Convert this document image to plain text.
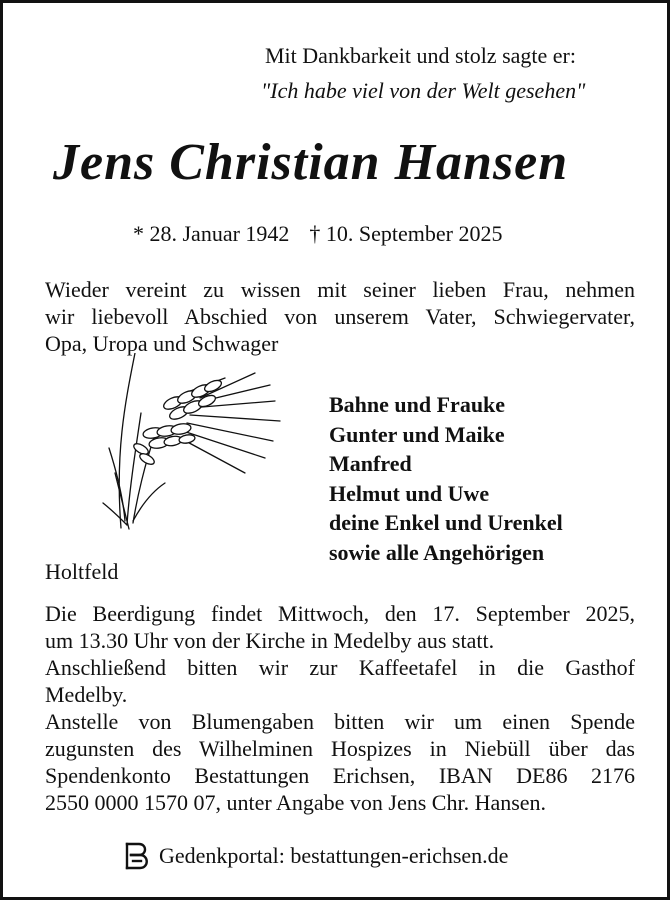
Mit Dankbarkeit und stolz sagte er:
"Ich habe viel von der Welt gesehen"
Jens Christian Hansen
* 28. Januar 1942 † 10. September 2025
Wieder vereint zu wissen mit seiner lieben Frau, nehmen
wir liebevoll Abschied von unserem Vater, Schwiegervater,
Opa, Uropa und Schwager
Bahne und Frauke
Gunter und Maike
Manfred
Helmut und Uwe
deine Enkel und Urenkel
sowie alle Angehörigen
Holtfeld
Die Beerdigung findet Mittwoch, den 17. September 2025,
um 13.30 Uhr von der Kirche in Medelby aus statt.
Anschließend bitten wir zur Kaffeetafel in die Gasthof
Medelby.
Anstelle von Blumengaben bitten wir um einen Spende
zugunsten des Wilhelminen Hospizes in Niebüll über das
Spendenkonto Bestattungen Erichsen, IBAN DE86 2176
2550 0000 1570 07, unter Angabe von Jens Chr. Hansen.
Gedenkportal: bestattungen-erichsen.de
